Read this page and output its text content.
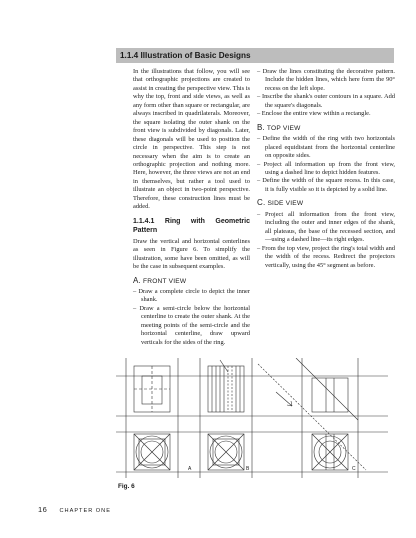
1.1.4 Illustration of Basic Designs

In the illustrations that follow, you will see that orthographic projections are created to assist in creating the perspective view. This is why the top, front and side views, as well as any form other than square or rectangular, are always inscribed in quadrilaterals. Moreover, the square isolating the outer shank on the front view is subdivided by diagonals. Later, these diagonals will be used to position the circle in perspective. This step is not necessary when the aim is to create an orthographic projection and nothing more. Here, however, the three views are not an end in themselves, but rather a tool used to illustrate an object in two-point perspective. Therefore, these construction lines must be added.

1.1.4.1 Ring with Geometric Pattern

Draw the vertical and horizontal centerlines as seen in Figure 6. To simplify the illustration, some have been omitted, as will be the case in subsequent examples.

A. FRONT VIEW

– Draw a complete circle to depict the inner shank.

– Draw a semi-circle below the horizontal centerline to create the outer shank. At the meeting points of the semi-circle and the horizontal centerline, draw upward verticals for the sides of the ring.

– Draw the lines constituting the decorative pattern. Include the hidden lines, which here form the 90° recess on the left slope.

– Inscribe the shank's outer contours in a square. Add the square's diagonals.

– Enclose the entire view within a rectangle.

B. TOP VIEW

– Define the width of the ring with two horizontals placed equidistant from the horizontal centerline on opposite sides.

– Project all information up from the front view, using a dashed line to depict hidden features.

– Define the width of the square recess. In this case, it is fully visible so it is depicted by a solid line.

C. SIDE VIEW

– Project all information from the front view, including the outer and inner edges of the shank, all plateaus, the base of the recessed section, and—using a dashed line—its right edges.

– From the top view, project the ring's total width and the width of the recess. Redirect the projectors vertically, using the 45° segment as before.

A	B	C
Fig. 6
16 CHAPTER ONE
